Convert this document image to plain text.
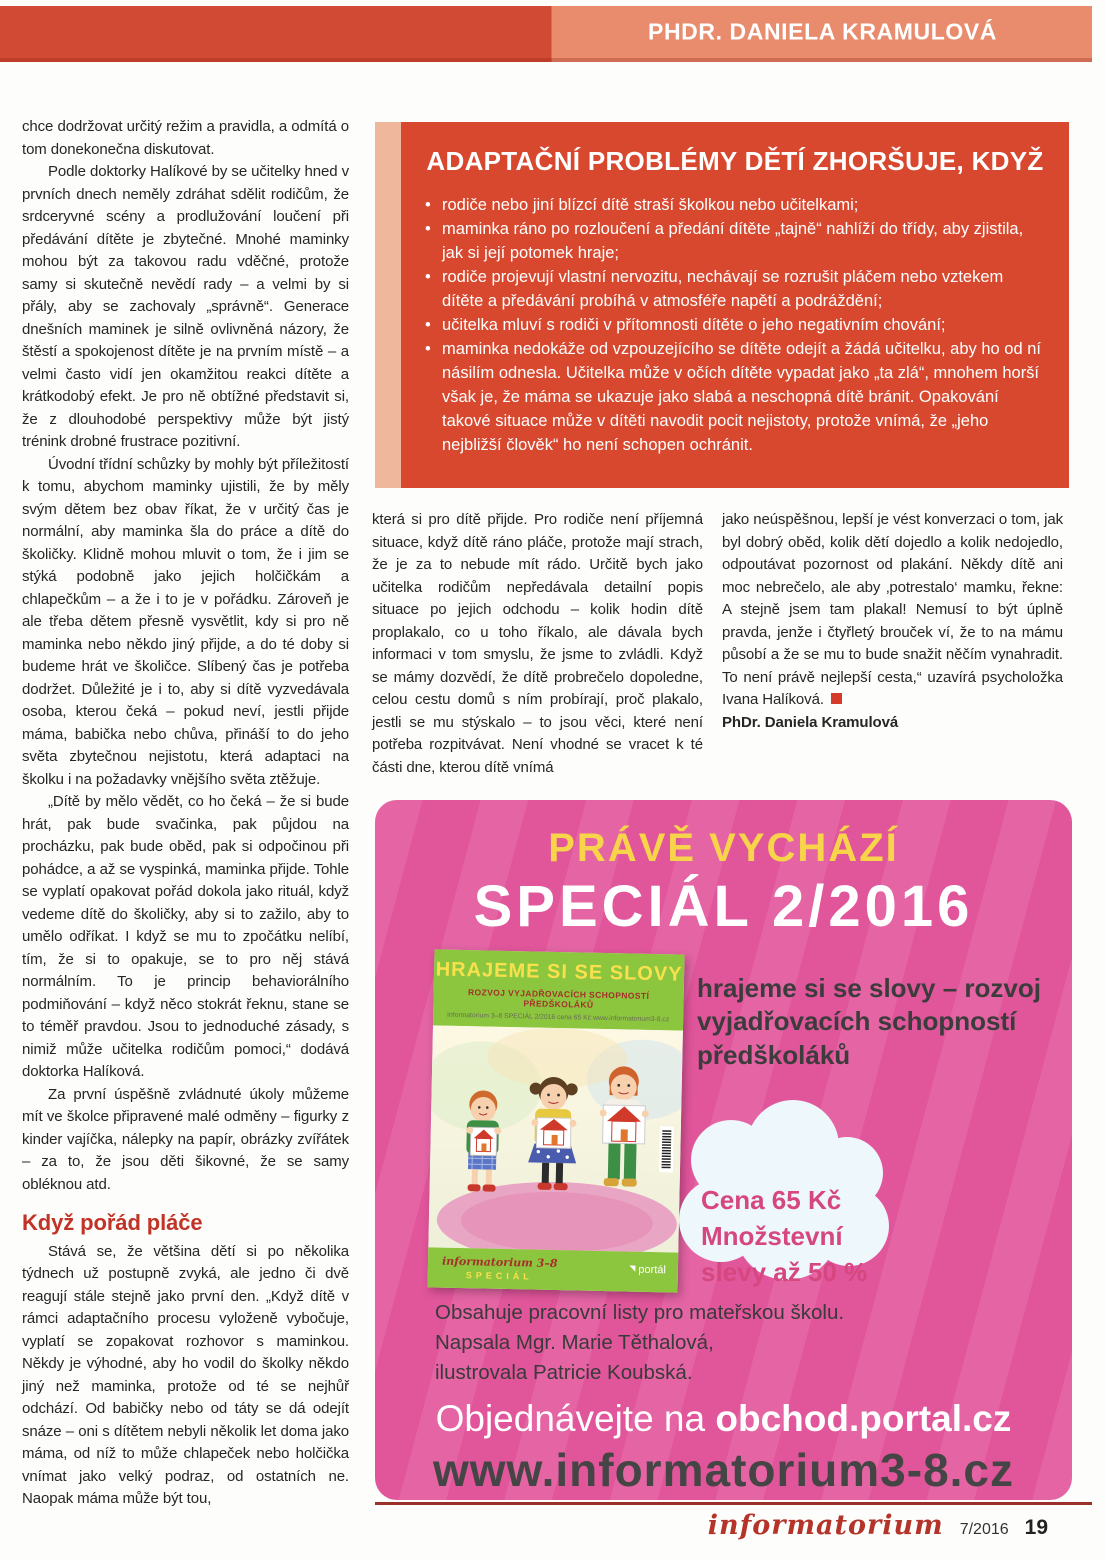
PHDR. DANIELA KRAMULOVÁ

chce dodržovat určitý režim a pravidla, a odmítá o tom donekonečna diskutovat.

Podle doktorky Halíkové by se učitelky hned v prvních dnech neměly zdráhat sdělit rodičům, že srdceryvné scény a prodlužování loučení při předávání dítěte je zbytečné. Mnohé maminky mohou být za takovou radu vděčné, protože samy si skutečně nevědí rady – a velmi by si přály, aby se zachovaly „správně“. Generace dnešních maminek je silně ovlivněná názory, že štěstí a spokojenost dítěte je na prvním místě – a velmi často vidí jen okamžitou reakci dítěte a krátkodobý efekt. Je pro ně obtížné představit si, že z dlouhodobé perspektivy může být jistý trénink drobné frustrace pozitivní.

Úvodní třídní schůzky by mohly být příležitostí k tomu, abychom maminky ujistili, že by měly svým dětem bez obav říkat, že v určitý čas je normální, aby maminka šla do práce a dítě do školičky. Klidně mohou mluvit o tom, že i jim se stýká podobně jako jejich holčičkám a chlapečkům – a že i to je v pořádku. Zároveň je ale třeba dětem přesně vysvětlit, kdy si pro ně maminka nebo někdo jiný přijde, a do té doby si budeme hrát ve školičce. Slíbený čas je potřeba dodržet. Důležité je i to, aby si dítě vyzvedávala osoba, kterou čeká – pokud neví, jestli přijde máma, babička nebo chůva, přináší to do jeho světa zbytečnou nejistotu, která adaptaci na školku i na požadavky vnějšího světa ztěžuje.

„Dítě by mělo vědět, co ho čeká – že si bude hrát, pak bude svačinka, pak půjdou na procházku, pak bude oběd, pak si odpočinou při pohádce, a až se vyspinká, maminka přijde. Tohle se vyplatí opakovat pořád dokola jako rituál, když vedeme dítě do školičky, aby si to zažilo, aby to umělo odříkat. I když se mu to zpočátku nelíbí, tím, že si to opakuje, se to pro něj stává normálním. To je princip behaviorálního podmiňování – když něco stokrát řeknu, stane se to téměř pravdou. Jsou to jednoduché zásady, s nimiž může učitelka rodičům pomoci,“ dodává doktorka Halíková.

Za první úspěšně zvládnuté úkoly můžeme mít ve školce připravené malé odměny – figurky z kinder vajíčka, nálepky na papír, obrázky zvířátek – za to, že jsou děti šikovné, že se samy obléknou atd.

Když pořád pláče

Stává se, že většina dětí si po několika týdnech už postupně zvyká, ale jedno či dvě reagují stále stejně jako první den. „Když dítě v rámci adaptačního procesu vyloženě vybočuje, vyplatí se zopakovat rozhovor s maminkou. Někdy je výhodné, aby ho vodil do školky někdo jiný než maminka, protože od té se nejhůř odchází. Od babičky nebo od táty se dá odejít snáze – oni s dítětem nebyli několik let doma jako máma, od níž to může chlapeček nebo holčička vnímat jako velký podraz, od ostatních ne. Naopak máma může být tou,

ADAPTAČNÍ PROBLÉMY DĚTÍ ZHORŠUJE, KDYŽ
• rodiče nebo jiní blízcí dítě straší školkou nebo učitelkami;
• maminka ráno po rozloučení a předání dítěte „tajně“ nahlíží do třídy, aby zjistila, jak si její potomek hraje;
• rodiče projevují vlastní nervozitu, nechávají se rozrušit pláčem nebo vztekem dítěte a předávání probíhá v atmosféře napětí a podráždění;
• učitelka mluví s rodiči v přítomnosti dítěte o jeho negativním chování;
• maminka nedokáže od vzpouzejícího se dítěte odejít a žádá učitelku, aby ho od ní násilím odnesla. Učitelka může v očích dítěte vypadat jako „ta zlá“, mnohem horší však je, že máma se ukazuje jako slabá a neschopná dítě bránit. Opakování takové situace může v dítěti navodit pocit nejistoty, protože vnímá, že „jeho nejbližší člověk“ ho není schopen ochránit.

která si pro dítě přijde. Pro rodiče není příjemná situace, když dítě ráno pláče, protože mají strach, že je za to nebude mít rádo. Určitě bych jako učitelka rodičům nepředávala detailní popis situace po jejich odchodu – kolik hodin dítě proplakalo, co u toho říkalo, ale dávala bych informaci v tom smyslu, že jsme to zvládli. Když se mámy dozvědí, že dítě probrečelo dopoledne, celou cestu domů s ním probírají, proč plakalo, jestli se mu stýskalo – to jsou věci, které není potřeba rozpitvávat. Není vhodné se vracet k té části dne, kterou dítě vnímá

jako neúspěšnou, lepší je vést konverzaci o tom, jak byl dobrý oběd, kolik dětí dojedlo a kolik nedojedlo, odpoutávat pozornost od plakání. Někdy dítě ani moc nebrečelo, ale aby ‚potrestalo‘ mamku, řekne: A stejně jsem tam plakal! Nemusí to být úplně pravda, jenže i čtyřletý brouček ví, že to na mámu působí a že se mu to bude snažit něčím vynahradit. To není právě nejlepší cesta,“ uzavírá psycholožka Ivana Halíková.

PhDr. Daniela Kramulová

PRÁVĚ VYCHÁZÍ
SPECIÁL 2/2016
HRAJEME SI SE SLOVY
ROZVOJ VYJADŘOVACÍCH SCHOPNOSTÍ PŘEDŠKOLÁKŮ
Informatorium 3–8 SPECIÁL 2/2016 cena 65 Kč www.informatorium3-8.cz
informatorium 3–8
SPECIÁL	◥ portál
hrajeme si se slovy – rozvoj vyjadřovacích schopností předškoláků
Cena 65 Kč
Množstevní
slevy až 50 %
Obsahuje pracovní listy pro mateřskou školu.
Napsala Mgr. Marie Těthalová,
ilustrovala Patricie Koubská.
Objednávejte na obchod.portal.cz
www.informatorium3-8.cz
informatorium 7/2016 19
